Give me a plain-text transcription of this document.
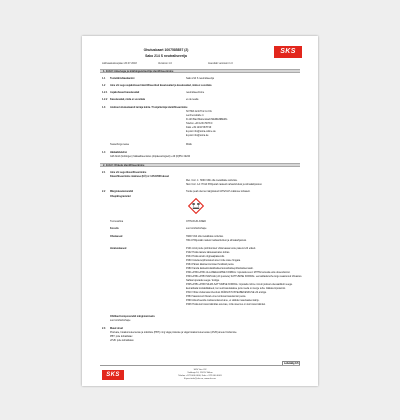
Ohutuskaart 1007585857 (2)
Sako 214 S neutraliseerija
Läbivaatuskuupäev 26.07.2018	Versioon 1.0	Asendab versiooni 1.0
SKS
1. JAGU: Aine/segu ja äriühingu/ettevõtja identifitseerimine
1.1 Tootetähis/kaubanimi	Sako 214 S neutraliseerija
1.2 Aine või segu asjakohased identifitseeritud kasutusalad ja kasutusalad, mida ei soovitata
1.2.1 Asjakohased kasutusalad	neutraliseerimine
1.2.2 Kasutusalad, mida ei soovitata	ei ole teada
1.3 Andmed ohutuskaardi tarnija kohta / Tootja/tarnija identifitseerimine
SOTRA GmbH & Co KG
Lerchenstraße 4
D-123 Bad Marienstadt MERIENBERG
Telefon +49 1234 5678 0
Faks +49 1234 5678 99
E-post info@sotra-online.de
E-post info@sotra.de
Teave/Kogu teave	Müük
1.4 Hädaabitelefon
GIZ-Nord (Göttingen) hädaabiteenistus (ööpäevaringselt) +49 (0)551 19240
2. JAGU: Ohtude identifitseerimine
2.1 Aine või segu klassifitseerimine
Klassifitseerimine määruse (EÜ) nr 1272/2008 alusel
Met. Corr. 1: H290 Võib olla metallidele söövitav.
Skin Corr. 1A: H314 Põhjustab raskeid nahasöövitusi ja silmakahjustusi.
2.2 Märgistuselemendid	Toode peab olema märgistatud GHS/CLP-määruse kohaselt.
Ohupiktogrammid
Tunnussõna	OHTLIKUD AINED
Koostis	sool ortofosforhape
Ohulaused	H290 Võib olla metallidele söövitav.
H314 Põhjustab raskeid nahasöövitusi ja silmakahjustusi.
Hoiatuslaused	P101 Arsti poole pöördumisel võtta kaasa toote pakend või etikett.
P102 Hoida lastele kättesaamatus kohas.
P234 Hoida ainult originaalpakendis.
P260 Udu/aure/pihustatud ainet mitte sisse hingata.
P264 Pärast käsitsemist käed hoolikalt pesta.
P280 Kanda kaitsekindaid/kaitseriietust/kaitseprille/kaitsemaski.
P301+P330+P331 ALLANEELAMISE KORRAL: loputada suud. MITTE kutsuda esile oksendamist.
P303+P361+P353 NAHALE (või juustele) SATTUMISE KORRAL: eemaldada kohe kogu saastunud rõivastus.
Nahka loputada veega / dušiga.
P305+P351+P338 SILMA SATTUMISE KORRAL: loputada mitme minuti jooksul ettevaatlikult veega.
Eemaldada kontaktläätsed, kui neid kasutatakse ja kui seda on kerge teha. Jätkata loputamist.
P310 Võtta viivitamata ühendust MÜRGISTUSTEABEKESKUSE või arstiga.
P363 Saastunud rõivad enne korduvat kasutamist pesta.
P390 Absorbeerida mahavoolanud aine, et vältida materiaalset kahju.
P406 Hoida korrosioonikindlas anumas, mille sisemus on korrosioonikindel.
Ohtlikud komponendid märgistamiseks
sool ortofosforhape
2.3 Muud ohud
Püsivate, bioakumuleeruvate ja toksiliste (PBT) ning väga püsivate ja väga bioakumuleeruvate (vPvB) ainete hindamine.
PBT: pole kohaldatav
vPvB: pole kohaldatav
Lehekülg 1/6
SKS
SKS Viro OÜ
Valukoja 10, 11415 Tallinn
Telefon +372 600 0000, Faks +372 600 0001
E-post info@sks.ee, www.sks.ee
